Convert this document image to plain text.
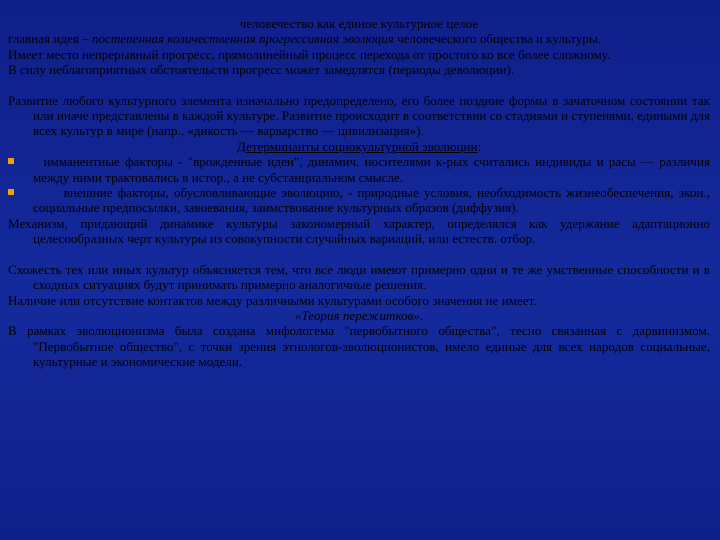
человечество как единое культурное целое

главная идея – постепенная количественная прогрессивная эволюция человеческого общества и культуры.

Имеет место непрерывный прогресс, прямолинейный процесс перехода от простого ко все более сложному.

В силу неблагоприятных обстоятельств прогресс может замедлятся (периоды деволюции).

Развитие любого культурного элемента изначально предопределено, его более поздние формы в зачаточном состоянии так или иначе представлены в каждой культуре. Развитие происходит в соответствии со стадиями и ступенями, едиными для всех культур в мире (напр., «дикость — варварство — цивилизация»).

Детерминанты социокультурной эволюции:

имманентные факторы - "врожденные идеи", динамич. носителями к-рых считались индивиды и расы — различия между ними трактовались в истор., а не субстанциальном смысле.

внешние факторы, обусловливающие эволюцию, - природные условия, необходимость жизнеобеспечения, экон., социальные предпосылки, завоевания, заимствование культурных образов (диффузия).

Механизм, придающий динамике культуры закономерный характер, определялся как удержание адаптационно целесообразных черт культуры из совокупности случайных вариаций, или естеств. отбор.

Схожесть тех или иных культур объясняется тем, что все люди имеют примерно одни и те же умственные способности и в сходных ситуациях будут принимать примерно аналогичные решения.

Наличие или отсутствие контактов между различными культурами особого значения не имеет.

«Теория пережитков».

В рамках эволюционизма была создана мифологема "первобытного общества", тесно связанная с дарвинизмом. "Первобытное общество", с точки зрения этнологов-эволюционистов, имело единые для всех народов социальные, культурные и экономические модели.
